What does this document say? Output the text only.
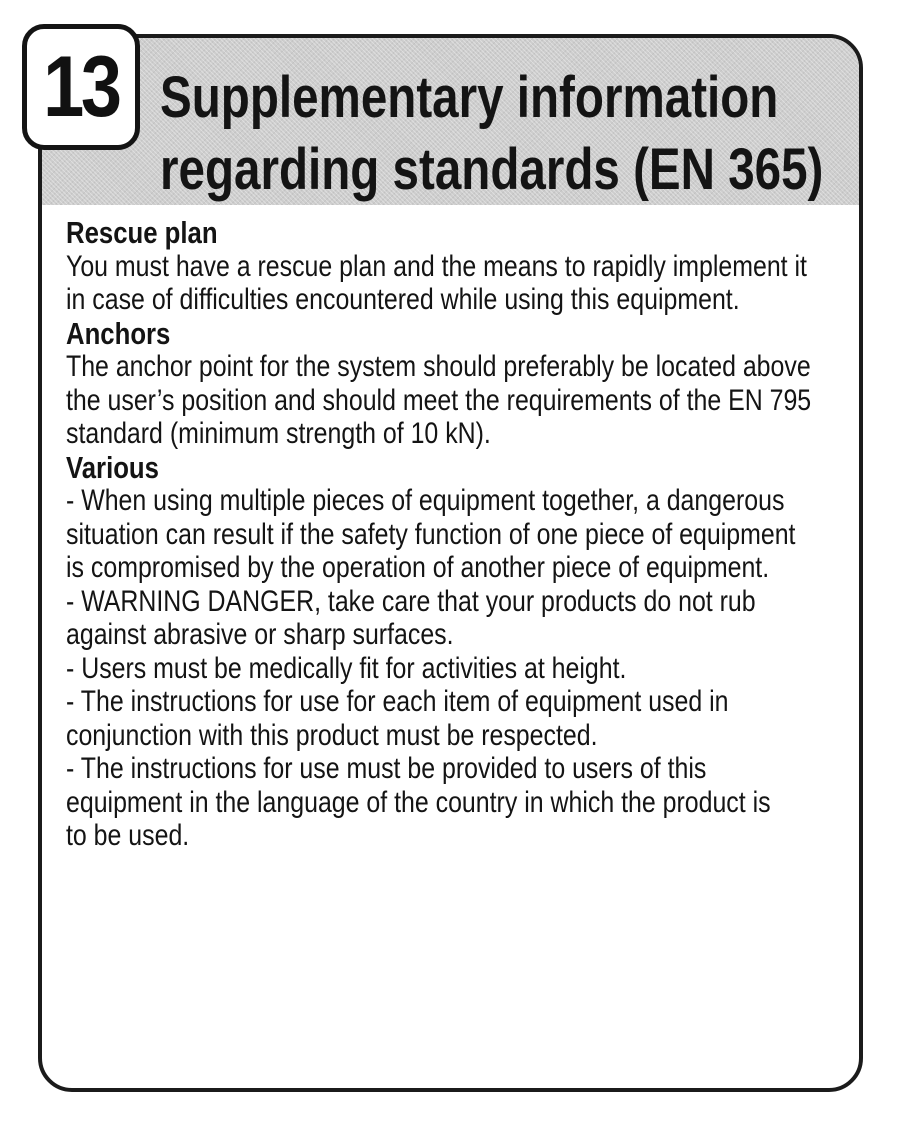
13 Supplementary information
regarding standards (EN 365)
Rescue plan

You must have a rescue plan and the means to rapidly implement it
in case of difficulties encountered while using this equipment.

Anchors

The anchor point for the system should preferably be located above
the user’s position and should meet the requirements of the EN 795
standard (minimum strength of 10 kN).

Various

- When using multiple pieces of equipment together, a dangerous
situation can result if the safety function of one piece of equipment
is compromised by the operation of another piece of equipment.
- WARNING DANGER, take care that your products do not rub
against abrasive or sharp surfaces.
- Users must be medically fit for activities at height.
- The instructions for use for each item of equipment used in
conjunction with this product must be respected.
- The instructions for use must be provided to users of this
equipment in the language of the country in which the product is
to be used.
